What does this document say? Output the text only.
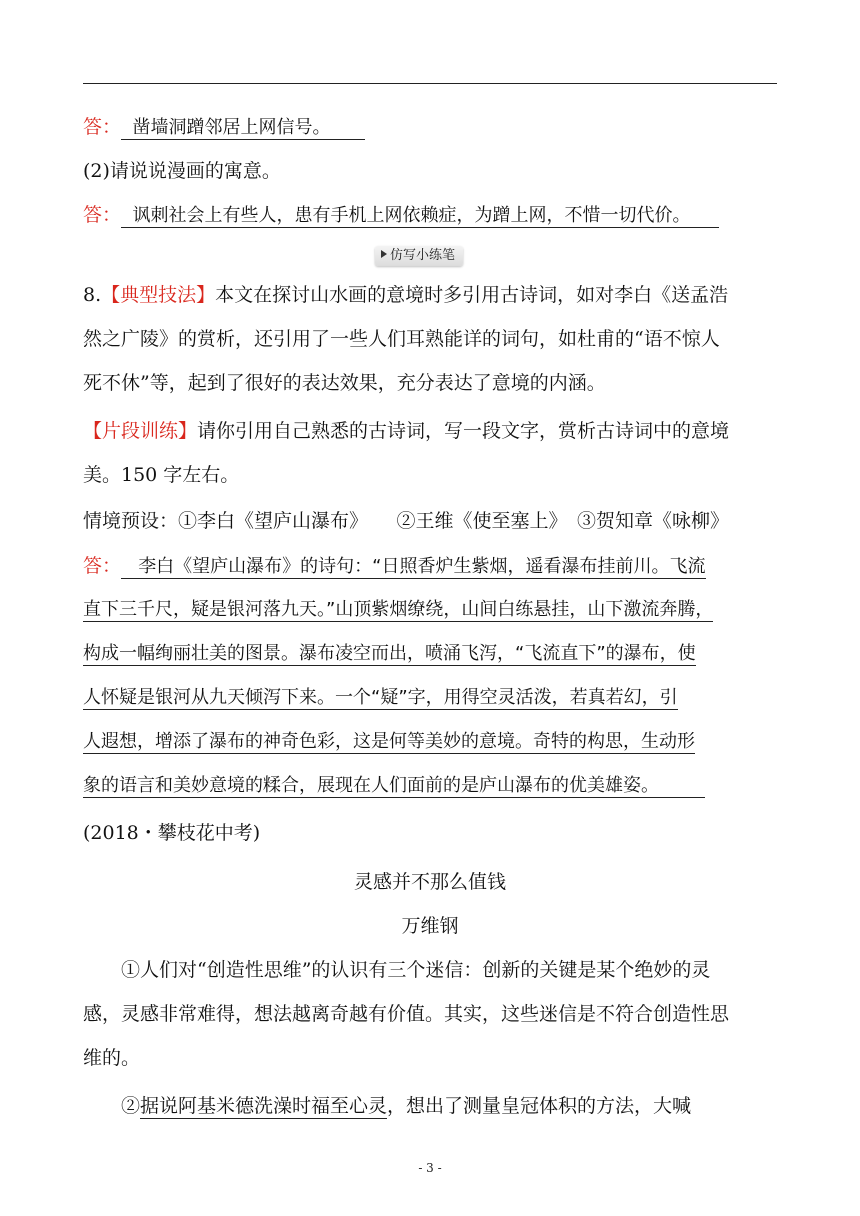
答： 凿墙洞蹭邻居上网信号。
(2)请说说漫画的寓意。
答： 讽刺社会上有些人，患有手机上网依赖症，为蹭上网，不惜一切代价。
仿写小练笔
8.【典型技法】本文在探讨山水画的意境时多引用古诗词，如对李白《送孟浩
然之广陵》的赏析，还引用了一些人们耳熟能详的词句，如杜甫的“语不惊人
死不休”等，起到了很好的表达效果，充分表达了意境的内涵。
【片段训练】请你引用自己熟悉的古诗词，写一段文字，赏析古诗词中的意境
美。150 字左右。
情境预设：①李白《望庐山瀑布》　　②王维《使至塞上》　③贺知章《咏柳》
答： 李白《望庐山瀑布》的诗句：“日照香炉生紫烟，遥看瀑布挂前川。飞流
直下三千尺，疑是银河落九天。”山顶紫烟缭绕，山间白练悬挂，山下激流奔腾，
构成一幅绚丽壮美的图景。瀑布凌空而出，喷涌飞泻，“飞流直下”的瀑布，使
人怀疑是银河从九天倾泻下来。一个“疑”字，用得空灵活泼，若真若幻，引
人遐想，增添了瀑布的神奇色彩，这是何等美妙的意境。奇特的构思，生动形
象的语言和美妙意境的糅合，展现在人们面前的是庐山瀑布的优美雄姿。
(2018・攀枝花中考)
灵感并不那么值钱
万维钢
①人们对“创造性思维”的认识有三个迷信：创新的关键是某个绝妙的灵
感，灵感非常难得，想法越离奇越有价值。其实，这些迷信是不符合创造性思
维的。
②据说阿基米德洗澡时福至心灵，想出了测量皇冠体积的方法，大喊
- 3 -
